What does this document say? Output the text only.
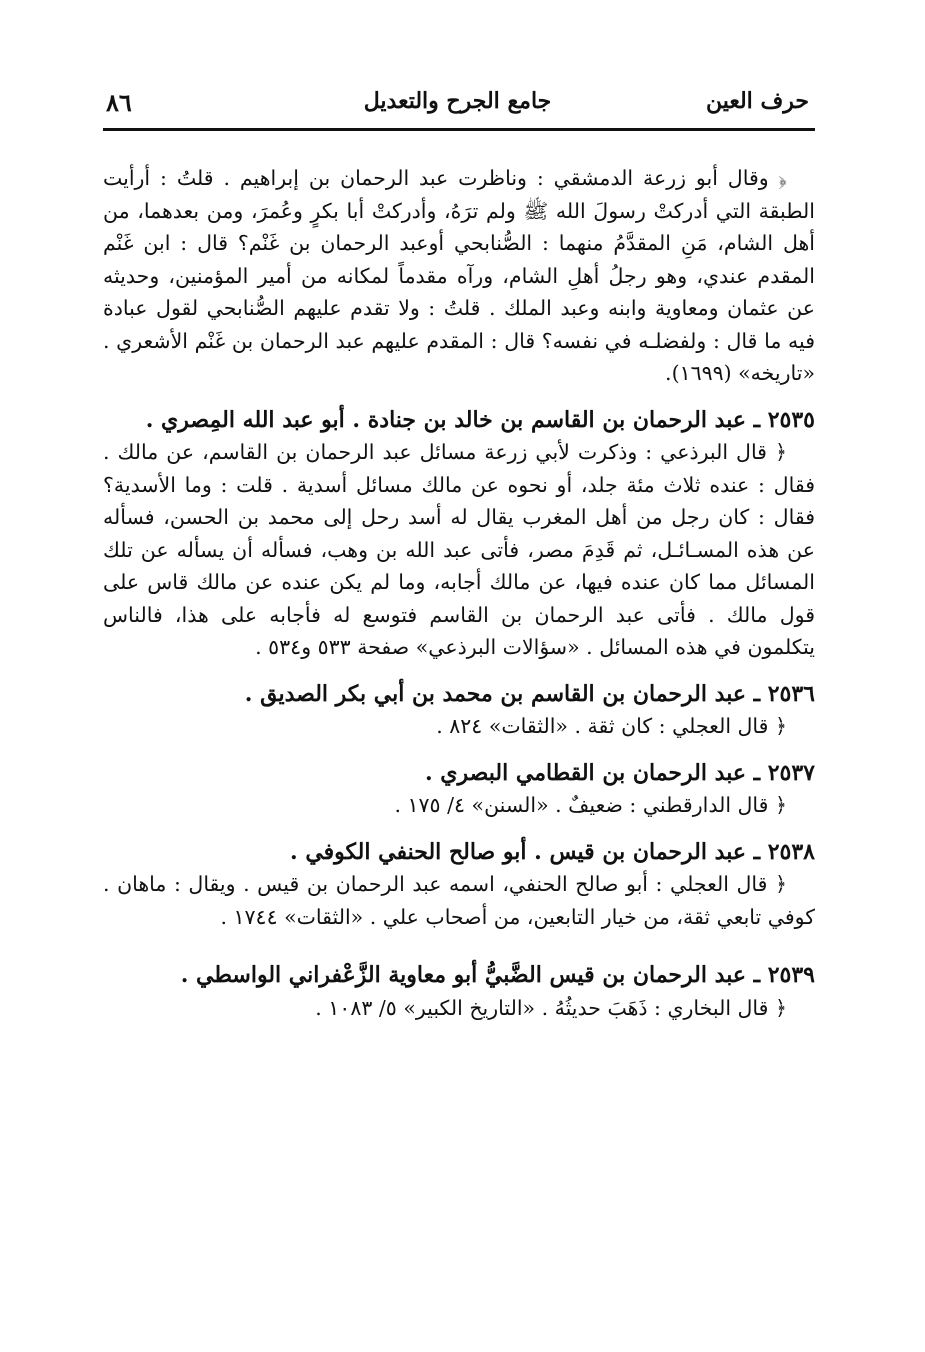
٨٦	جامع الجرح والتعديل	حرف العين

﴿ وقال أبو زرعة الدمشقي : وناظرت عبد الرحمان بن إبراهيم . قلتُ : أرأيت الطبقة التي أدركتْ رسولَ الله ﷺ ولم ترَهُ، وأدركتْ أبا بكرٍ وعُمرَ، ومن بعدهما، من أهل الشام، مَنِ المقدَّمُ منهما : الصُّنابحي أوعبد الرحمان بن غَنْم؟ قال : ابن غَنْم المقدم عندي، وهو رجلُ أهلِ الشام، ورآه مقدماً لمكانه من أمير المؤمنين، وحديثه عن عثمان ومعاوية وابنه وعبد الملك . قلتُ : ولا تقدم عليهم الصُّنابحي لقول عبادة فيه ما قال : ولفضلـه في نفسه؟ قال : المقدم عليهم عبد الرحمان بن غَنْم الأشعري . «تاريخه» (١٦٩٩).

٢٥٣٥ ـ عبد الرحمان بن القاسم بن خالد بن جنادة . أبو عبد الله المِصري .

﴿ قال البرذعي : وذكرت لأبي زرعة مسائل عبد الرحمان بن القاسم، عن مالك . فقال : عنده ثلاث مئة جلد، أو نحوه عن مالك مسائل أسدية . قلت : وما الأسدية؟ فقال : كان رجل من أهل المغرب يقال له أسد رحل إلى محمد بن الحسن، فسأله عن هذه المسـائـل، ثم قَدِمَ مصر، فأتى عبد الله بن وهب، فسأله أن يسأله عن تلك المسائل مما كان عنده فيها، عن مالك أجابه، وما لم يكن عنده عن مالك قاس على قول مالك . فأتى عبد الرحمان بن القاسم فتوسع له فأجابه على هذا، فالناس يتكلمون في هذه المسائل . «سؤالات البرذعي» صفحة ٥٣٣ و٥٣٤ .

٢٥٣٦ ـ عبد الرحمان بن القاسم بن محمد بن أبي بكر الصديق .

﴿ قال العجلي : كان ثقة . «الثقات» ٨٢٤ .

٢٥٣٧ ـ عبد الرحمان بن القطامي البصري .

﴿ قال الدارقطني : ضعيفٌ . «السنن» ٤/ ١٧٥ .

٢٥٣٨ ـ عبد الرحمان بن قيس . أبو صالح الحنفي الكوفي .

﴿ قال العجلي : أبو صالح الحنفي، اسمه عبد الرحمان بن قيس . ويقال : ماهان . كوفي تابعي ثقة، من خيار التابعين، من أصحاب علي . «الثقات» ١٧٤٤ .

٢٥٣٩ ـ عبد الرحمان بن قيس الضَّبيُّ أبو معاوية الزَّعْفراني الواسطي .

﴿ قال البخاري : ذَهَبَ حديثُهُ . «التاريخ الكبير» ٥/ ١٠٨٣ .
